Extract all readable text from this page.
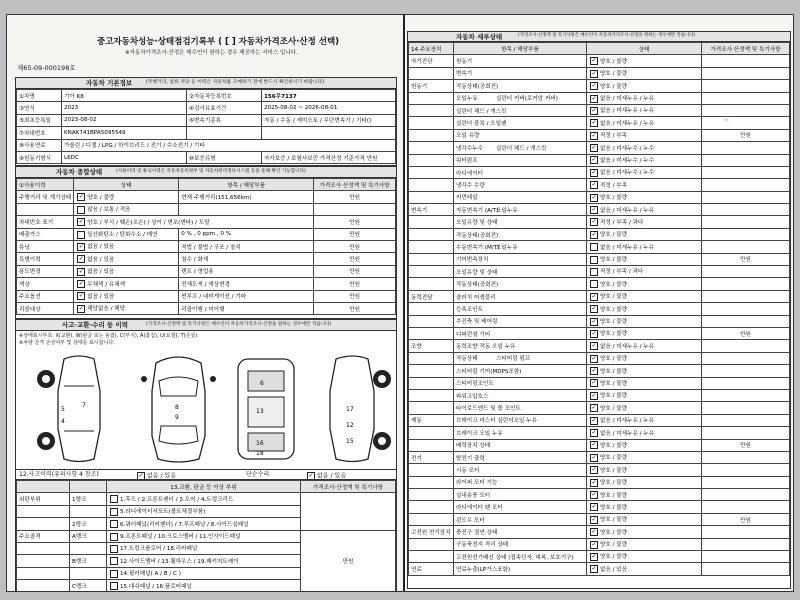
중고자동차성능·상태점검기록부 ( [ ] 자동차가격조사·산정 선택)
※자동차가격조사·산정은 매수인이 원하는 경우 제공하는 서비스 입니다.
제65-09-000198호
자동차 기본정보	(주행거리, 압류 저당 등 이력은 자동차를 구매하기 전에 반드시 확인하시기 바랍니다)
①차명	기아 K8	②자동차등록번호	156무7137
③연식	2023	④검사유효기간	2025-08-02 ~ 2026-08-01
⑤최초등록일	2023-08-02	⑥변속기종류	자동 / 수동 / 세미오토 / 무단변속기 / 기타()
⑦차대번호	KNAK741BPA5095549		
⑧사용연료	가솔린 / 디젤 / LPG / 하이브리드 / 전기 / 수소전기 / 기타		
⑨원동기형식	L6DC	⑩보증유형	자가보증 / 보험사보증 가격산정 기준가격 만원
자동차 종합상태	(사용이력 및 튜닝이력은 자동차등록원부 및 자동차관리정보시스템 등을 통해 확인 가능합니다)
①사용이력	상태	항목 / 해당부품	가격조사·산정액 및 특기사항
주행거리 및 계기상태	✓양호 / 불량	현재 주행거리(151,656km)	만원
	많음 / 보통 / 적음		
차대번호 표기	✓양호 / 부식 / 훼손(오손) / 상이 / 변조(변타) / 도말		만원
배출가스	일산화탄소 / 탄화수소 / 매연	0 % , 0 ppm , 0 %	만원
튜닝	✓없음 / 있음	적법 / 불법 / 구조 / 장치	만원
특별이력	✓없음 / 있음	침수 / 화재	만원
용도변경	✓없음 / 있음	렌트 / 영업용	만원
색상	✓무채색 / 유채색	전체도색 / 색상변경	만원
주요옵션	✓없음 / 있음	썬루프 / 네비게이션 / 기타	만원
리콜대상	✓해당없음 / 해당	리콜이행 / 미이행	만원
사고·교환·수리 등 이력	(가격조사·산정액 및 특기사항은 매수인이 자동차가격조사·산정을 원하는 경우에만 적습니다)
※상태표시부호: X(교환), W(판금 또는 용접), C(부식), A(흠집), U(요철), T(손상)
※차량 골격 손상여부 및 상태를 표시합니다.
5
4
7	8
9
6
13
16
18
17
12
15
12.사고이력(유의사항 4 참조) ✓	없음 / 있음	단순수리 ✓	없음 / 있음
		13.교환, 판금 등 이상 부위	가격조사·산정액 및 특기사항
외판부위	1랭크	1.후드 / 2.프론트펜더 / 3.도어 / 4.트렁크리드	
		5.라디에이터서포트(볼트체결부품)	
	2랭크	6.쿼터패널(리어펜더) / 7.루프패널 / 8.사이드실패널	
주요골격	A랭크	9.프론트패널 / 10.크로스멤버 / 11.인사이드패널	만원
		17.트렁크플로어 / 18.리어패널	
	B랭크	12.사이드멤버 / 13.휠하우스 / 19.패키지트레이	
		14.필러패널( A / B / C )	
	C랭크	15.대쉬패널 / 16.플로어패널	
자동차 세부상태	(가격조사·산정액 및 특기사항은 매수인이 자동차가격조사·산정을 원하는 경우에만 적습니다)
14.주요장치	항목 / 해당부품	상태	가격조사·산정액 및 특기사항
자기진단	원동기	✓양호 / 불량	
	변속기	✓양호 / 불량	
원동기	작동상태(공회전)	✓양호 / 불량	
	오일누유 실린더 커버(로커암 커버)	✓없음 / 미세누유 / 누유	
	실린더 헤드 / 개스킷	✓없음 / 미세누유 / 누유	
	실린더 블록 / 오일팬	✓없음 / 미세누유 / 누유	
	오일 유량	✓적정 / 부족	만원
	냉각수누수 실린더 헤드 / 개스킷	✓없음 / 미세누수 / 누수	
	워터펌프	✓없음 / 미세누수 / 누수	
	라디에이터	✓없음 / 미세누수 / 누수	
	냉각수 수량	✓적정 / 부족	
	커먼레일	✓양호 / 불량	
변속기	자동변속기 (A/T)오일누유	✓없음 / 미세누유 / 누유	
	오일유량 및 상태	✓적정 / 부족 / 과다	
	작동상태(공회전)	✓양호 / 불량	
	수동변속기 (M/T)오일누유	없음 / 미세누유 / 누유	
	기어변속장치	양호 / 불량	만원
	오일유량 및 상태	적정 / 부족 / 과다	
	작동상태(공회전)	양호 / 불량	
동력전달	클러치 어셈블리	✓양호 / 불량	
	등속조인트	✓양호 / 불량	
	추진축 및 베어링	✓양호 / 불량	
	디퍼런셜 기어	✓양호 / 불량	만원
조향	동력조향 작동 오일 누유	✓없음 / 미세누유 / 누유	
	작동상태 스티어링 펌프	✓양호 / 불량	
	스티어링 기어(MDPS포함)	✓양호 / 불량	
	스티어링조인트	✓양호 / 불량	
	파워고압호스	✓양호 / 불량	
	타이로드엔드 및 볼 조인트	✓양호 / 불량	
제동	브레이크 마스터 실린더오일 누유	✓없음 / 미세누유 / 누유	
	브레이크 오일 누유	✓없음 / 미세누유 / 누유	
	배력장치 상태	✓양호 / 불량	만원
전기	발전기 출력	✓양호 / 불량	
	시동 모터	✓양호 / 불량	
	와이퍼 모터 기능	✓양호 / 불량	
	실내송풍 모터	✓양호 / 불량	
	라디에이터 팬 모터	✓양호 / 불량	
	윈도우 모터	✓양호 / 불량	만원
고전원 전기장치	충전구 절연 상태	✓양호 / 불량	
	구동축전지 격리 상태	✓양호 / 불량	
	고전원전기배선 상태 (접속단자, 피복, 보호기구)	✓양호 / 불량	
연료	연료누출(LP가스포함)	✓없음 / 있음	
✦
